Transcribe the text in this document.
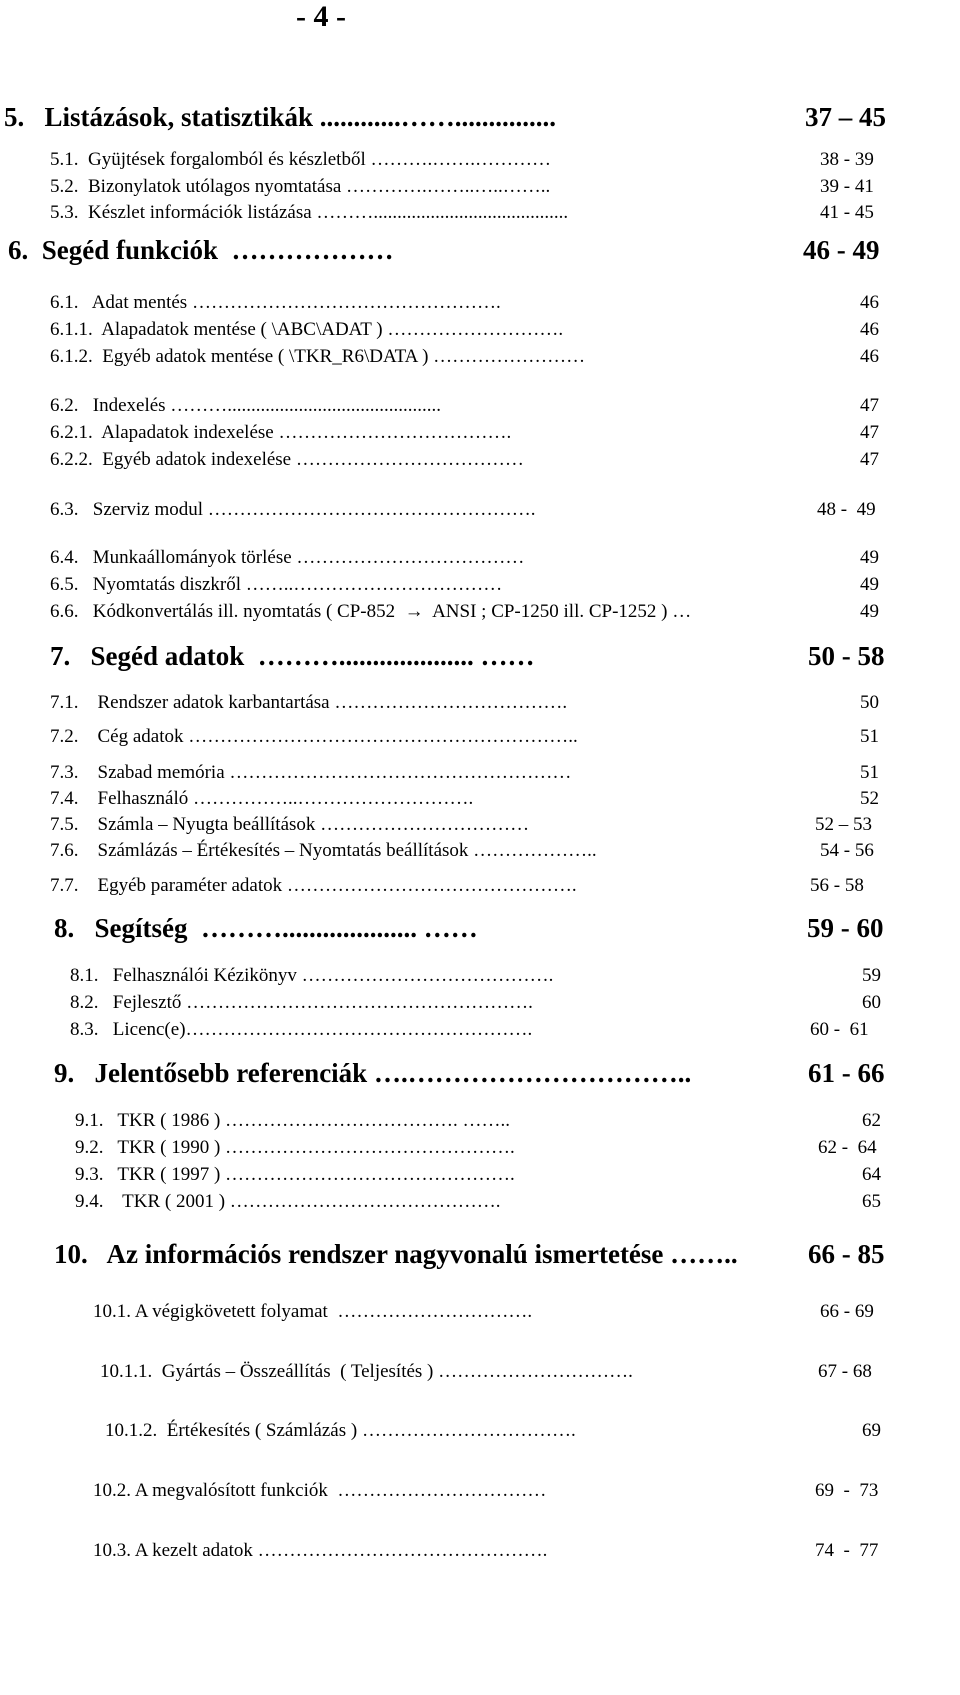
- 4 -
5.   Listázások, statisztikák ............……...............	37 – 45
5.1.  Gyüjtések forgalomból és készletből ……….…….…………	38 - 39
5.2.  Bizonylatok utólagos nyomtatása ………….……..…..……..	39 - 41
5.3.  Készlet információk listázása ……….........................................	41 - 45
6.  Segéd funkciók  ………………	46 - 49
6.1.   Adat mentés ………………………………………….	46
6.1.1.  Alapadatok mentése ( \ABC\ADAT ) ……………………….	46
6.1.2.  Egyéb adatok mentése ( \TKR_R6\DATA ) ……………………	46
6.2.   Indexelés ……….............................................	47
6.2.1.  Alapadatok indexelése ……………………………….	47
6.2.2.  Egyéb adatok indexelése ………………………………	47
6.3.   Szerviz modul …………………………………………….	48 -  49
6.4.   Munkaállományok törlése ………………………………	49
6.5.   Nyomtatás diszkről ……..……………………………	49
6.6.   Kódkonvertálás ill. nyomtatás ( CP-852  →  ANSI ; CP-1250 ill. CP-1252 ) …	49
7.   Segéd adatok  ……….................... ……	50 - 58
7.1.    Rendszer adatok karbantartása ……………………………….	50
7.2.    Cég adatok ……………………………………………………..	51
7.3.    Szabad memória ………………………………………………	51
7.4.    Felhasználó ……………..……………………….	52
7.5.    Számla – Nyugta beállítások ……………………………	52 – 53
7.6.    Számlázás – Értékesítés – Nyomtatás beállítások ………………..	54 - 56
7.7.    Egyéb paraméter adatok ……………………………………….	56 - 58
8.   Segítség  ……….................... ……	59 - 60
8.1.   Felhasználói Kézikönyv ………………………………….	59
8.2.   Fejlesztő ……………………………………………….	60
8.3.   Licenc(e)……………………………………………….	60 -  61
9.   Jelentősebb referenciák ….…………………………..	61 - 66
9.1.   TKR ( 1986 ) ………………………………. ……..	62
9.2.   TKR ( 1990 ) ……………………………………….	62 -  64
9.3.   TKR ( 1997 ) ……………………………………….	64
9.4.    TKR ( 2001 ) …………………………………….	65
10.   Az információs rendszer nagyvonalú ismertetése ……..	66 - 85
10.1. A végigkövetett folyamat  ………………………….	66 - 69
10.1.1.  Gyártás – Összeállítás  ( Teljesítés ) ………………………….	67 - 68
10.1.2.  Értékesítés ( Számlázás ) …………………………….	69
10.2. A megvalósított funkciók  ……………………………	69  -  73
10.3. A kezelt adatok ……………………………………….	74  -  77
